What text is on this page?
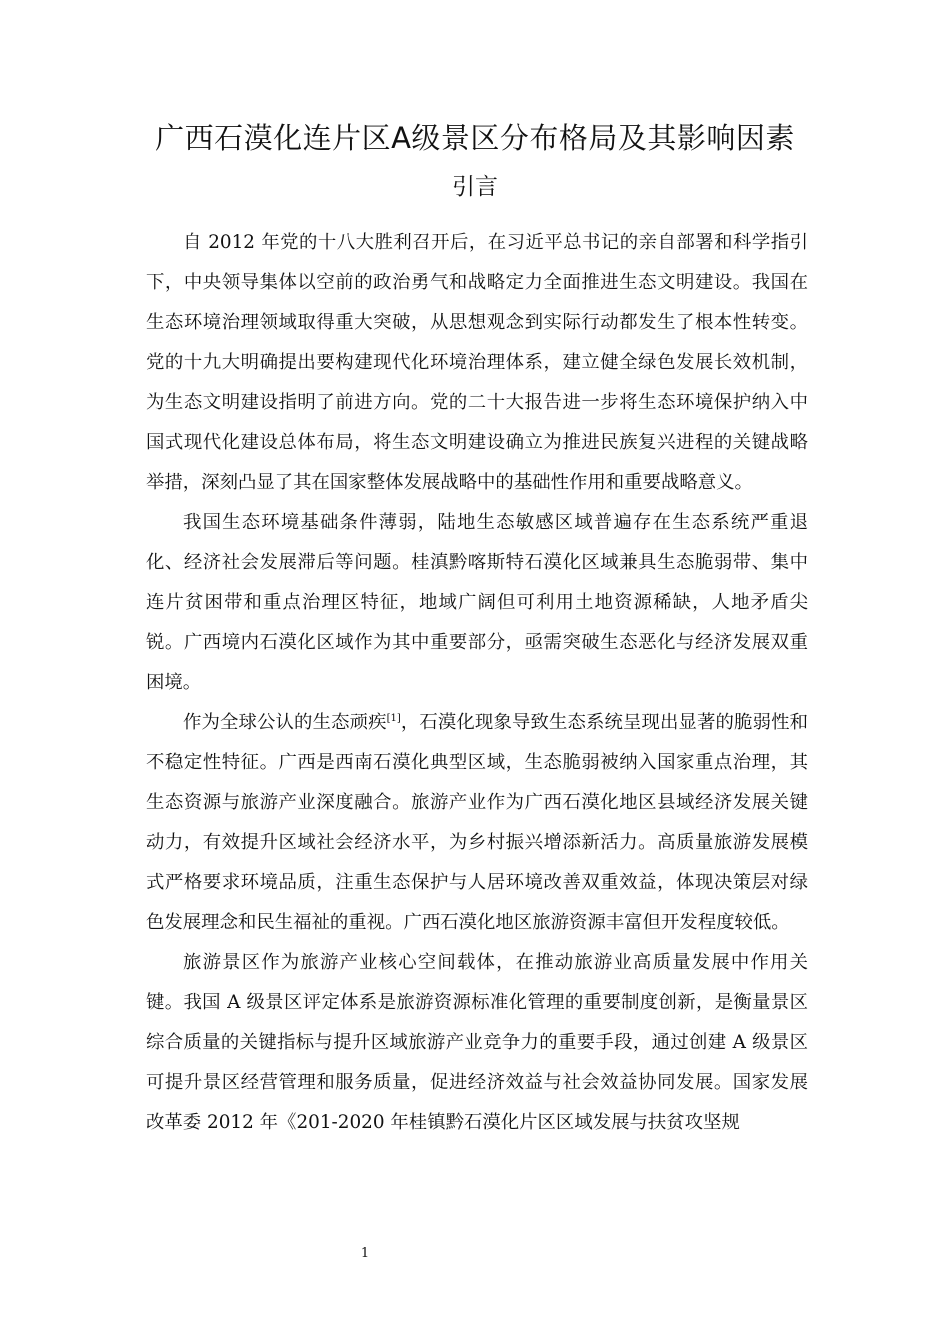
广西石漠化连片区A级景区分布格局及其影响因素
引言

自 2012 年党的十八大胜利召开后，在习近平总书记的亲自部署和科学指引下，中央领导集体以空前的政治勇气和战略定力全面推进生态文明建设。我国在生态环境治理领域取得重大突破，从思想观念到实际行动都发生了根本性转变。党的十九大明确提出要构建现代化环境治理体系，建立健全绿色发展长效机制，为生态文明建设指明了前进方向。党的二十大报告进一步将生态环境保护纳入中国式现代化建设总体布局，将生态文明建设确立为推进民族复兴进程的关键战略举措，深刻凸显了其在国家整体发展战略中的基础性作用和重要战略意义。

我国生态环境基础条件薄弱，陆地生态敏感区域普遍存在生态系统严重退化、经济社会发展滞后等问题。桂滇黔喀斯特石漠化区域兼具生态脆弱带、集中连片贫困带和重点治理区特征，地域广阔但可利用土地资源稀缺，人地矛盾尖锐。广西境内石漠化区域作为其中重要部分，亟需突破生态恶化与经济发展双重困境。

作为全球公认的生态顽疾[1]，石漠化现象导致生态系统呈现出显著的脆弱性和不稳定性特征。广西是西南石漠化典型区域，生态脆弱被纳入国家重点治理，其生态资源与旅游产业深度融合。旅游产业作为广西石漠化地区县域经济发展关键动力，有效提升区域社会经济水平，为乡村振兴增添新活力。高质量旅游发展模式严格要求环境品质，注重生态保护与人居环境改善双重效益，体现决策层对绿色发展理念和民生福祉的重视。广西石漠化地区旅游资源丰富但开发程度较低。

旅游景区作为旅游产业核心空间载体，在推动旅游业高质量发展中作用关键。我国 A 级景区评定体系是旅游资源标准化管理的重要制度创新，是衡量景区综合质量的关键指标与提升区域旅游产业竞争力的重要手段，通过创建 A 级景区可提升景区经营管理和服务质量，促进经济效益与社会效益协同发展。国家发展改革委 2012 年《201-2020 年桂镇黔石漠化片区区域发展与扶贫攻坚规

1
